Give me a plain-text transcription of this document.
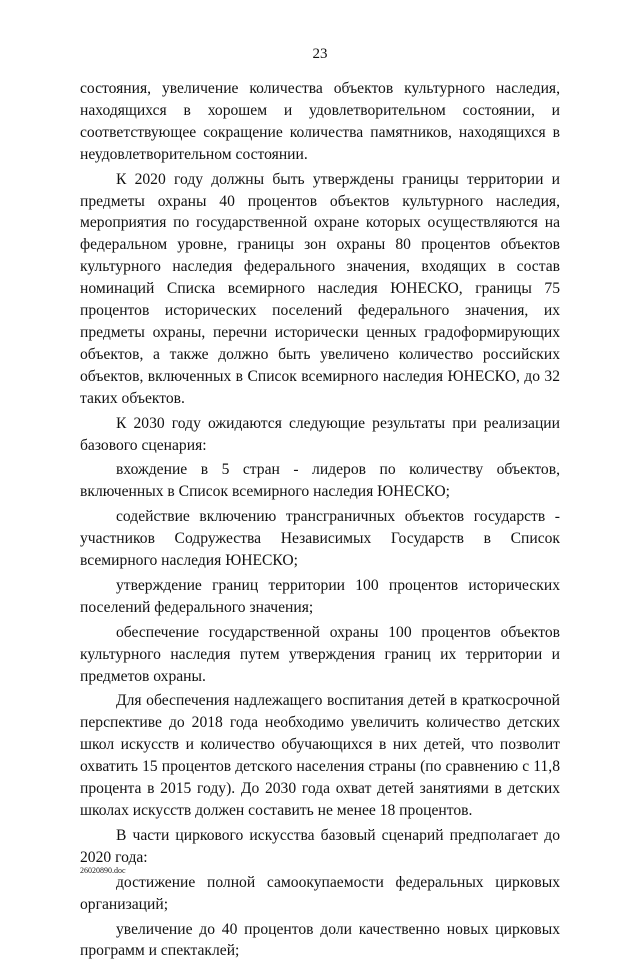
23

состояния, увеличение количества объектов культурного наследия, находящихся в хорошем и удовлетворительном состоянии, и соответствующее сокращение количества памятников, находящихся в неудовлетворительном состоянии.

К 2020 году должны быть утверждены границы территории и предметы охраны 40 процентов объектов культурного наследия, мероприятия по государственной охране которых осуществляются на федеральном уровне, границы зон охраны 80 процентов объектов культурного наследия федерального значения, входящих в состав номинаций Списка всемирного наследия ЮНЕСКО, границы 75 процентов исторических поселений федерального значения, их предметы охраны, перечни исторически ценных градоформирующих объектов, а также должно быть увеличено количество российских объектов, включенных в Список всемирного наследия ЮНЕСКО, до 32 таких объектов.

К 2030 году ожидаются следующие результаты при реализации базового сценария:

вхождение в 5 стран - лидеров по количеству объектов, включенных в Список всемирного наследия ЮНЕСКО;

содействие включению трансграничных объектов государств - участников Содружества Независимых Государств в Список всемирного наследия ЮНЕСКО;

утверждение границ территории 100 процентов исторических поселений федерального значения;

обеспечение государственной охраны 100 процентов объектов культурного наследия путем утверждения границ их территории и предметов охраны.

Для обеспечения надлежащего воспитания детей в краткосрочной перспективе до 2018 года необходимо увеличить количество детских школ искусств и количество обучающихся в них детей, что позволит охватить 15 процентов детского населения страны (по сравнению с 11,8 процента в 2015 году). До 2030 года охват детей занятиями в детских школах искусств должен составить не менее 18 процентов.

В части циркового искусства базовый сценарий предполагает до 2020 года:

достижение полной самоокупаемости федеральных цирковых организаций;

увеличение до 40 процентов доли качественно новых цирковых программ и спектаклей;

26020890.doc
